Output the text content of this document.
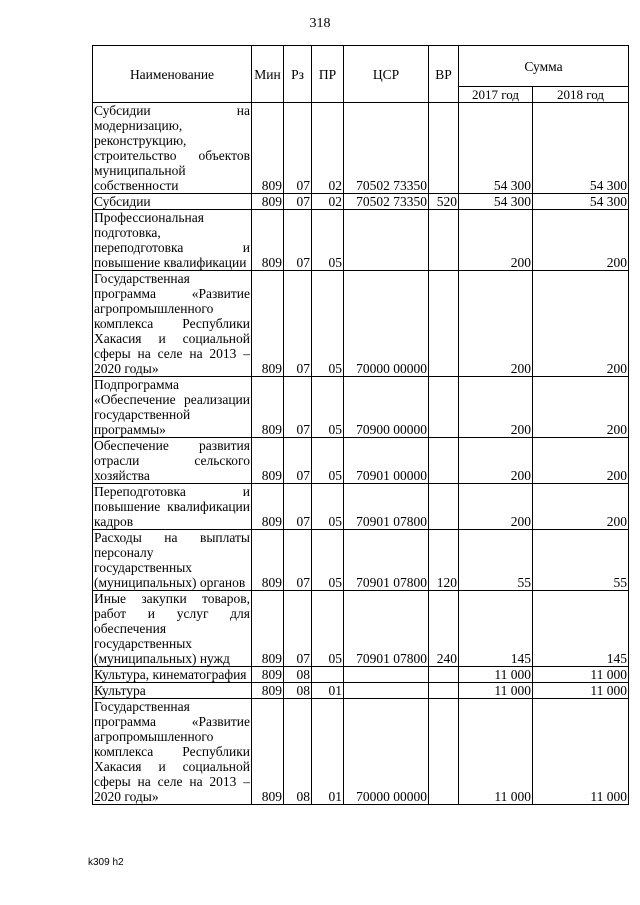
318
Наименование	Мин	Рз	ПР	ЦСР	ВР	Сумма	
						2017 год	2018 год
Субсидии на модернизацию, реконструкцию, строительство объектов муниципальной собственности	809	07	02	70502 73350		54 300	54 300
Субсидии	809	07	02	70502 73350	520	54 300	54 300
Профессиональная подготовка, переподготовка и повышение квалификации	809	07	05			200	200
Государственная программа «Развитие агропромышленного комплекса Республики Хакасия и социальной сферы на селе на 2013 – 2020 годы»	809	07	05	70000 00000		200	200
Подпрограмма «Обеспечение реализации государственной программы»	809	07	05	70900 00000		200	200
Обеспечение развития отрасли сельского хозяйства	809	07	05	70901 00000		200	200
Переподготовка и повышение квалификации кадров	809	07	05	70901 07800		200	200
Расходы на выплаты персоналу государственных (муниципальных) органов	809	07	05	70901 07800	120	55	55
Иные закупки товаров, работ и услуг для обеспечения государственных (муниципальных) нужд	809	07	05	70901 07800	240	145	145
Культура, кинематография	809	08				11 000	11 000
Культура	809	08	01			11 000	11 000
Государственная программа «Развитие агропромышленного комплекса Республики Хакасия и социальной сферы на селе на 2013 – 2020 годы»	809	08	01	70000 00000		11 000	11 000
k309 h2
